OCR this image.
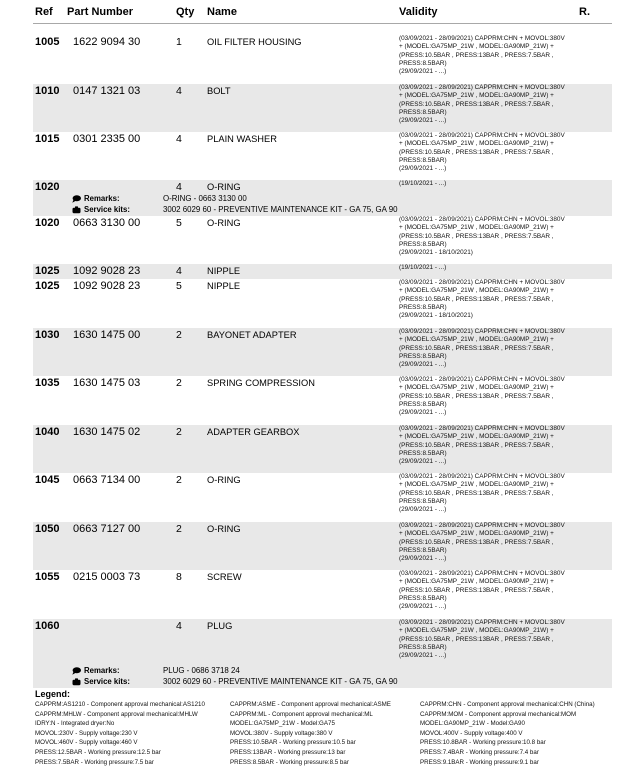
Ref Part Number	Qty Name	Validity	R.
1005 1622 9094 30	1	OIL FILTER HOUSING	(03/09/2021 - 28/09/2021) CAPPRM:CHN + MOVOL:380V
+ (MODEL:GA75MP_21W , MODEL:GA90MP_21W) +
(PRESS:10.5BAR , PRESS:13BAR , PRESS:7.5BAR ,
PRESS:8.5BAR)
(29/09/2021 - ...)
1010 0147 1321 03	4	BOLT	(03/09/2021 - 28/09/2021) CAPPRM:CHN + MOVOL:380V
+ (MODEL:GA75MP_21W , MODEL:GA90MP_21W) +
(PRESS:10.5BAR , PRESS:13BAR , PRESS:7.5BAR ,
PRESS:8.5BAR)
(29/09/2021 - ...)
1015 0301 2335 00	4	PLAIN WASHER	(03/09/2021 - 28/09/2021) CAPPRM:CHN + MOVOL:380V
+ (MODEL:GA75MP_21W , MODEL:GA90MP_21W) +
(PRESS:10.5BAR , PRESS:13BAR , PRESS:7.5BAR ,
PRESS:8.5BAR)
(29/09/2021 - ...)
1020	4	O-RING	(19/10/2021 - ...)
Remarks:	O-RING - 0663 3130 00
Service kits:	3002 6029 60 - PREVENTIVE MAINTENANCE KIT - GA 75, GA 90
1020 0663 3130 00	5	O-RING	(03/09/2021 - 28/09/2021) CAPPRM:CHN + MOVOL:380V
+ (MODEL:GA75MP_21W , MODEL:GA90MP_21W) +
(PRESS:10.5BAR , PRESS:13BAR , PRESS:7.5BAR ,
PRESS:8.5BAR)
(29/09/2021 - 18/10/2021)
1025 1092 9028 23	4	NIPPLE	(19/10/2021 - ...)
1025 1092 9028 23	5	NIPPLE	(03/09/2021 - 28/09/2021) CAPPRM:CHN + MOVOL:380V
+ (MODEL:GA75MP_21W , MODEL:GA90MP_21W) +
(PRESS:10.5BAR , PRESS:13BAR , PRESS:7.5BAR ,
PRESS:8.5BAR)
(29/09/2021 - 18/10/2021)
1030 1630 1475 00	2	BAYONET ADAPTER	(03/09/2021 - 28/09/2021) CAPPRM:CHN + MOVOL:380V
+ (MODEL:GA75MP_21W , MODEL:GA90MP_21W) +
(PRESS:10.5BAR , PRESS:13BAR , PRESS:7.5BAR ,
PRESS:8.5BAR)
(29/09/2021 - ...)
1035 1630 1475 03	2	SPRING COMPRESSION	(03/09/2021 - 28/09/2021) CAPPRM:CHN + MOVOL:380V
+ (MODEL:GA75MP_21W , MODEL:GA90MP_21W) +
(PRESS:10.5BAR , PRESS:13BAR , PRESS:7.5BAR ,
PRESS:8.5BAR)
(29/09/2021 - ...)
1040 1630 1475 02	2	ADAPTER GEARBOX	(03/09/2021 - 28/09/2021) CAPPRM:CHN + MOVOL:380V
+ (MODEL:GA75MP_21W , MODEL:GA90MP_21W) +
(PRESS:10.5BAR , PRESS:13BAR , PRESS:7.5BAR ,
PRESS:8.5BAR)
(29/09/2021 - ...)
1045 0663 7134 00	2	O-RING	(03/09/2021 - 28/09/2021) CAPPRM:CHN + MOVOL:380V
+ (MODEL:GA75MP_21W , MODEL:GA90MP_21W) +
(PRESS:10.5BAR , PRESS:13BAR , PRESS:7.5BAR ,
PRESS:8.5BAR)
(29/09/2021 - ...)
1050 0663 7127 00	2	O-RING	(03/09/2021 - 28/09/2021) CAPPRM:CHN + MOVOL:380V
+ (MODEL:GA75MP_21W , MODEL:GA90MP_21W) +
(PRESS:10.5BAR , PRESS:13BAR , PRESS:7.5BAR ,
PRESS:8.5BAR)
(29/09/2021 - ...)
1055 0215 0003 73	8	SCREW	(03/09/2021 - 28/09/2021) CAPPRM:CHN + MOVOL:380V
+ (MODEL:GA75MP_21W , MODEL:GA90MP_21W) +
(PRESS:10.5BAR , PRESS:13BAR , PRESS:7.5BAR ,
PRESS:8.5BAR)
(29/09/2021 - ...)
1060	4	PLUG	(03/09/2021 - 28/09/2021) CAPPRM:CHN + MOVOL:380V
+ (MODEL:GA75MP_21W , MODEL:GA90MP_21W) +
(PRESS:10.5BAR , PRESS:13BAR , PRESS:7.5BAR ,
PRESS:8.5BAR)
(29/09/2021 - ...)
Remarks:	PLUG - 0686 3718 24
Service kits:	3002 6029 60 - PREVENTIVE MAINTENANCE KIT - GA 75, GA 90
Legend:
CAPPRM:AS1210 - Component approval mechanical:AS1210
CAPPRM:MHLW - Component approval mechanical:MHLW
IDRY:N - Integrated dryer:No
MOVOL:230V - Supply voltage:230 V
MOVOL:460V - Supply voltage:460 V
PRESS:12.5BAR - Working pressure:12.5 bar
PRESS:7.5BAR - Working pressure:7.5 bar
CAPPRM:ASME - Component approval mechanical:ASME
CAPPRM:ML - Component approval mechanical:ML
MODEL:GA75MP_21W - Model:GA75
MOVOL:380V - Supply voltage:380 V
PRESS:10.5BAR - Working pressure:10.5 bar
PRESS:13BAR - Working pressure:13 bar
PRESS:8.5BAR - Working pressure:8.5 bar
CAPPRM:CHN - Component approval mechanical:CHN (China)
CAPPRM:MOM - Component approval mechanical:MOM
MODEL:GA90MP_21W - Model:GA90
MOVOL:400V - Supply voltage:400 V
PRESS:10.8BAR - Working pressure:10.8 bar
PRESS:7.4BAR - Working pressure:7.4 bar
PRESS:9.1BAR - Working pressure:9.1 bar
